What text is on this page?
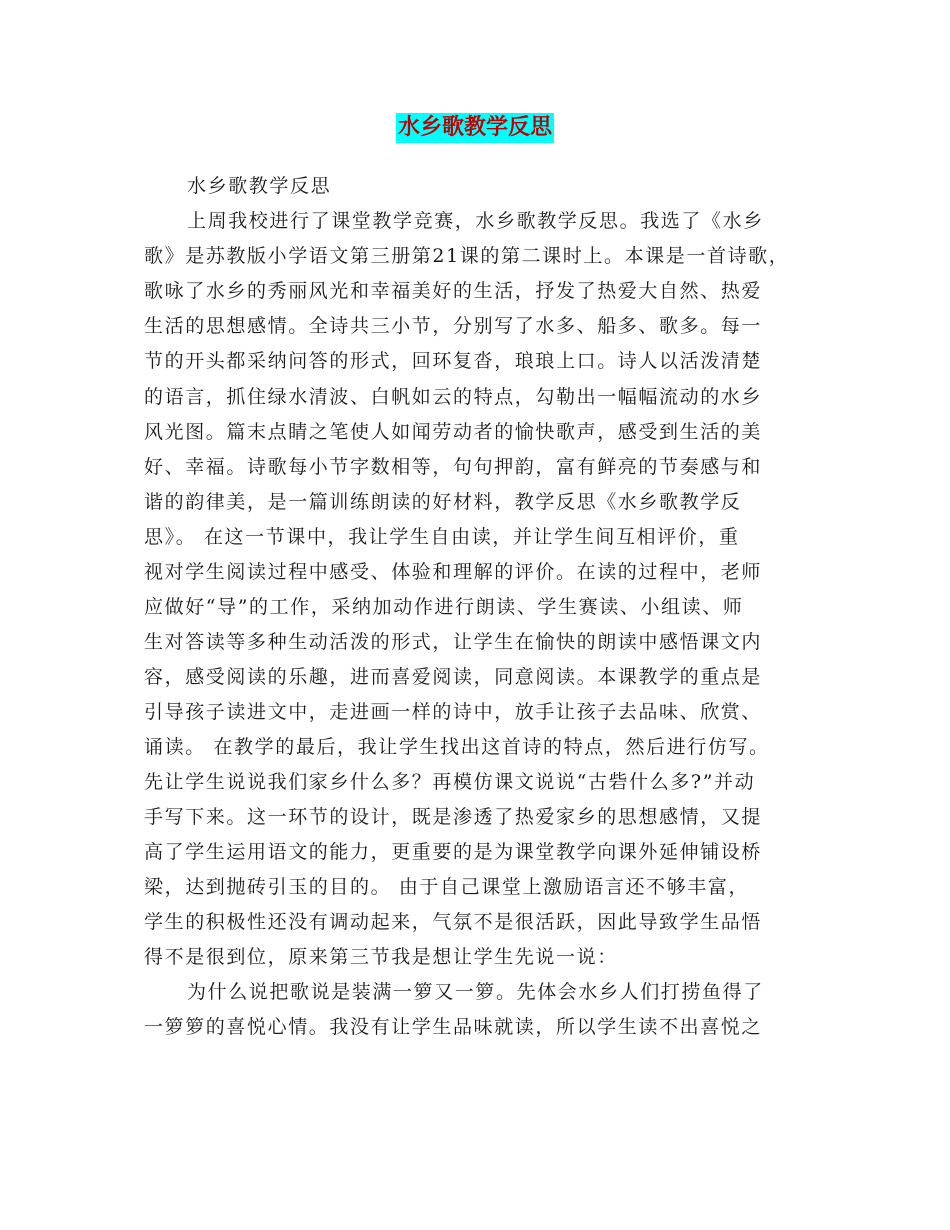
水乡歌教学反思
水乡歌教学反思
上周我校进行了课堂教学竞赛，水乡歌教学反思。我选了《水乡
歌》是苏教版小学语文第三册第21课的第二课时上。本课是一首诗歌，
歌咏了水乡的秀丽风光和幸福美好的生活，抒发了热爱大自然、热爱
生活的思想感情。全诗共三小节，分别写了水多、船多、歌多。每一
节的开头都采纳问答的形式，回环复沓，琅琅上口。诗人以活泼清楚
的语言，抓住绿水清波、白帆如云的特点，勾勒出一幅幅流动的水乡
风光图。篇末点睛之笔使人如闻劳动者的愉快歌声，感受到生活的美
好、幸福。诗歌每小节字数相等，句句押韵，富有鲜亮的节奏感与和
谐的韵律美，是一篇训练朗读的好材料，教学反思《水乡歌教学反
思》。 在这一节课中，我让学生自由读，并让学生间互相评价，重
视对学生阅读过程中感受、体验和理解的评价。在读的过程中，老师
应做好“导”的工作，采纳加动作进行朗读、学生赛读、小组读、师
生对答读等多种生动活泼的形式，让学生在愉快的朗读中感悟课文内
容，感受阅读的乐趣，进而喜爱阅读，同意阅读。本课教学的重点是
引导孩子读进文中，走进画一样的诗中，放手让孩子去品味、欣赏、
诵读。 在教学的最后，我让学生找出这首诗的特点，然后进行仿写。
先让学生说说我们家乡什么多？再模仿课文说说“古砦什么多?”并动
手写下来。这一环节的设计，既是渗透了热爱家乡的思想感情，又提
高了学生运用语文的能力，更重要的是为课堂教学向课外延伸铺设桥
梁，达到抛砖引玉的目的。 由于自己课堂上激励语言还不够丰富，
学生的积极性还没有调动起来，气氛不是很活跃，因此导致学生品悟
得不是很到位，原来第三节我是想让学生先说一说：
为什么说把歌说是装满一箩又一箩。先体会水乡人们打捞鱼得了
一箩箩的喜悦心情。我没有让学生品味就读，所以学生读不出喜悦之
